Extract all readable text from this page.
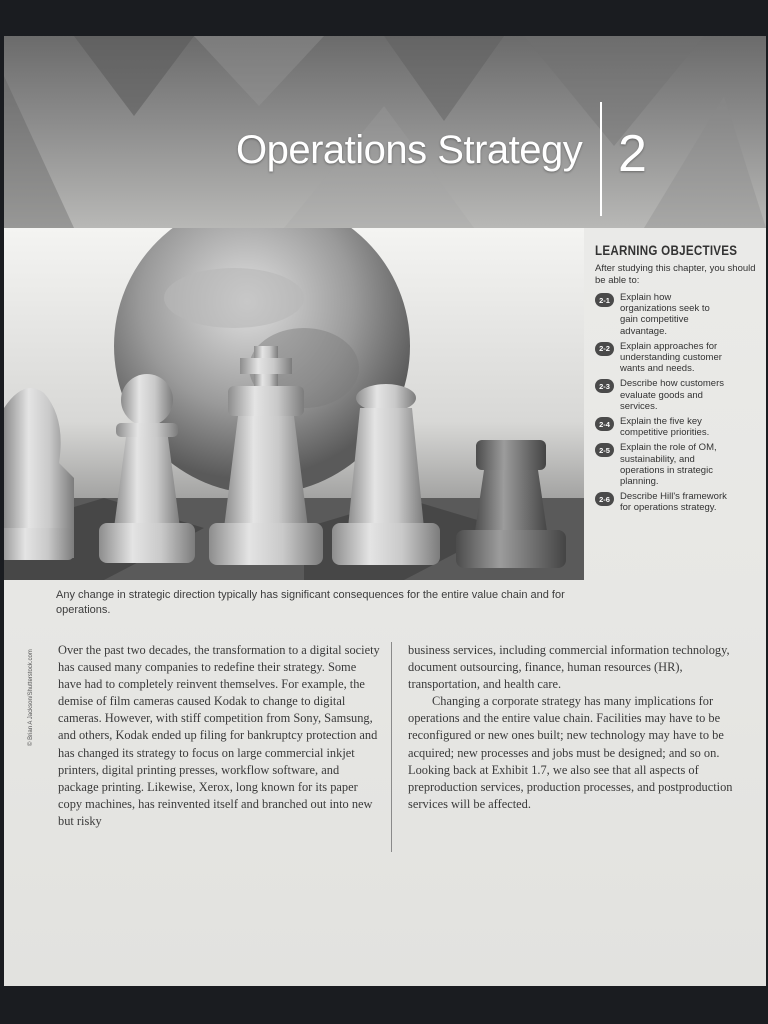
Operations Strategy 2
Any change in strategic direction typically has significant consequences for the entire value chain and for operations.
LEARNING OBJECTIVES
After studying this chapter, you should be able to:
2-1	Explain how organizations seek to gain competitive advantage.
2-2	Explain approaches for understanding customer wants and needs.
2-3	Describe how customers evaluate goods and services.
2-4	Explain the five key competitive priorities.
2-5	Explain the role of OM, sustainability, and operations in strategic planning.
2-6	Describe Hill's framework for operations strategy.
© Brian A Jackson/Shutterstock.com Over the past two decades, the transformation to a digital society has caused many companies to redefine their strategy. Some have had to completely reinvent themselves. For example, the demise of film cameras caused Kodak to change to digital cameras. However, with stiff competition from Sony, Samsung, and others, Kodak ended up filing for bankruptcy protection and has changed its strategy to focus on large commercial inkjet printers, digital printing presses, workflow software, and package printing. Likewise, Xerox, long known for its paper copy machines, has reinvented itself and branched out into new but risky

business services, including commercial information technology, document outsourcing, finance, human resources (HR), transportation, and health care.

Changing a corporate strategy has many implications for operations and the entire value chain. Facilities may have to be reconfigured or new ones built; new technology may have to be acquired; new processes and jobs must be designed; and so on. Looking back at Exhibit 1.7, we also see that all aspects of preproduction services, production processes, and postproduction services will be affected.
